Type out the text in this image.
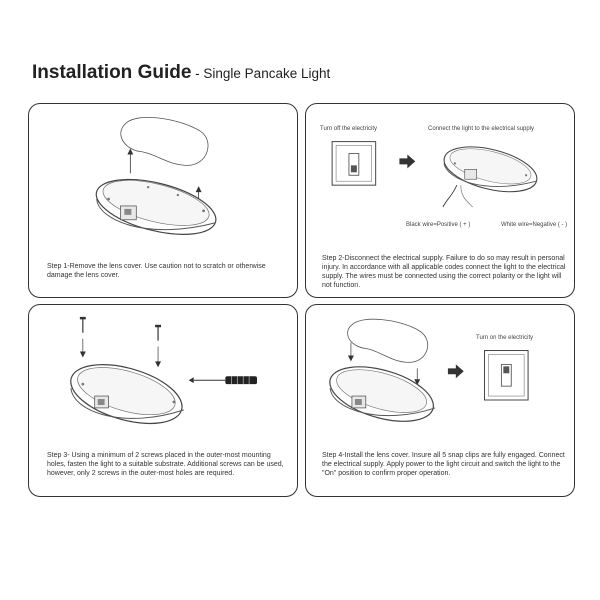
Installation Guide - Single Pancake Light
Step 1-Remove the lens cover. Use caution not to scratch or otherwise damage the lens cover.
Turn off the electricity	Connect the light to the electrical supply
Black wire=Positive ( + )	White wire=Negative ( - )
Step 2-Disconnect the electrical supply. Failure to do so may result in personal injury. In accordance with all applicable codes connect the light to the electrical supply. The wires must be connected using the correct polarity or the light will not function.
Step 3- Using a minimum of 2 screws placed in the outer-most mounting holes, fasten the light to a suitable substrate. Additional screws can be used, however, only 2 screws in the outer-most holes are required.
Turn on the electricity
Step 4-Install the lens cover. Insure all 5 snap clips are fully engaged. Connect the electrical supply. Apply power to the light circuit and switch the light to the "On" position to confirm proper operation.
